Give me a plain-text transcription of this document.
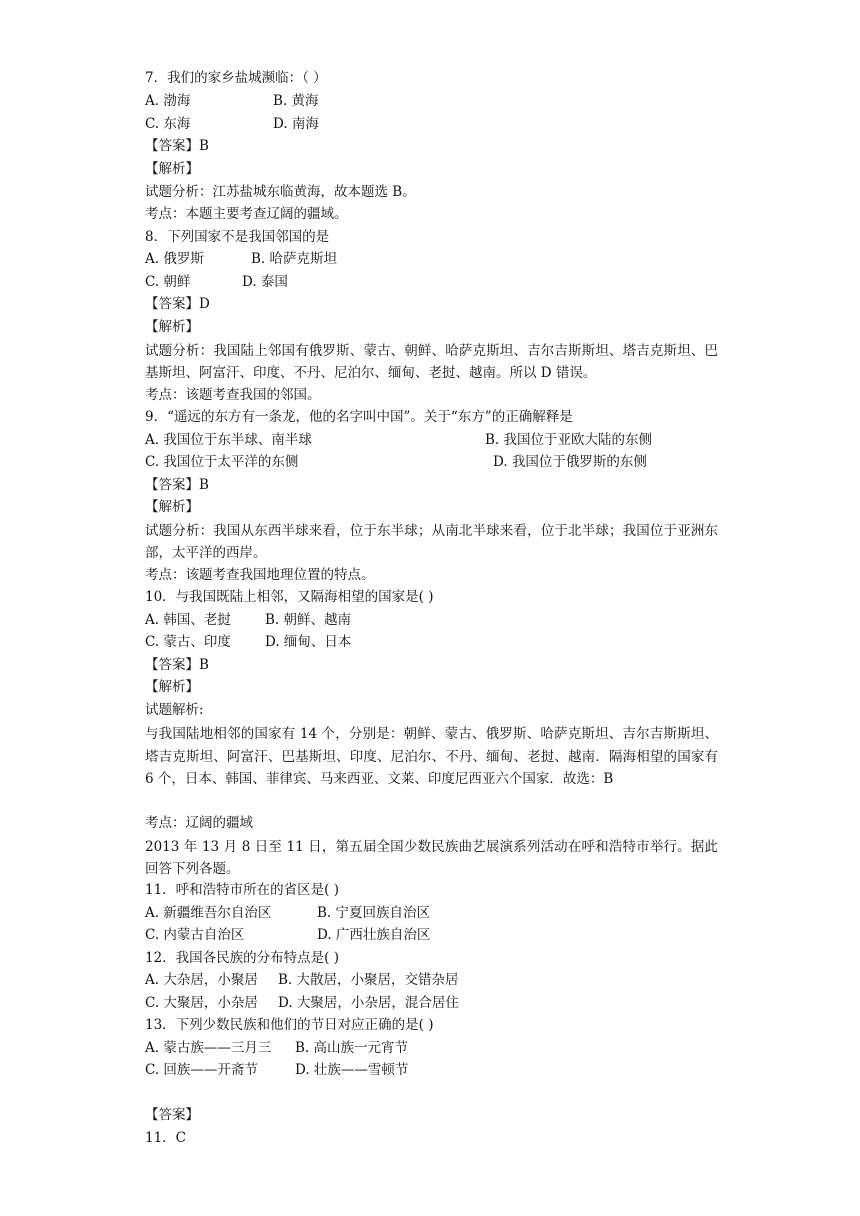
7．我们的家乡盐城濒临：（ ）
A. 渤海	B. 黄海
C. 东海	D. 南海
【答案】B
【解析】
试题分析：江苏盐城东临黄海，故本题选 B。
考点：本题主要考查辽阔的疆域。
8．下列国家不是我国邻国的是
A. 俄罗斯	B. 哈萨克斯坦
C. 朝鲜	D. 泰国
【答案】D
【解析】
试题分析：我国陆上邻国有俄罗斯、蒙古、朝鲜、哈萨克斯坦、吉尔吉斯斯坦、塔吉克斯坦、巴基斯坦、阿富汗、印度、不丹、尼泊尔、缅甸、老挝、越南。所以 D 错误。
考点：该题考查我国的邻国。
9．“遥远的东方有一条龙，他的名字叫中国”。关于“东方”的正确解释是
A. 我国位于东半球、南半球	B. 我国位于亚欧大陆的东侧
C. 我国位于太平洋的东侧	D. 我国位于俄罗斯的东侧
【答案】B
【解析】
试题分析：我国从东西半球来看，位于东半球；从南北半球来看，位于北半球；我国位于亚洲东部，太平洋的西岸。
考点：该题考查我国地理位置的特点。
10．与我国既陆上相邻，又隔海相望的国家是( )
A. 韩国、老挝	B. 朝鲜、越南
C. 蒙古、印度	D. 缅甸、日本
【答案】B
【解析】
试题解析:
与我国陆地相邻的国家有 14 个，分别是：朝鲜、蒙古、俄罗斯、哈萨克斯坦、吉尔吉斯斯坦、塔吉克斯坦、阿富汗、巴基斯坦、印度、尼泊尔、不丹、缅甸、老挝、越南．隔海相望的国家有 6 个，日本、韩国、菲律宾、马来西亚、文莱、印度尼西亚六个国家．故选：B
考点：辽阔的疆域
2013 年 13 月 8 日至 11 日，第五届全国少数民族曲艺展演系列活动在呼和浩特市举行。据此回答下列各题。
11．呼和浩特市所在的省区是( )
A. 新疆维吾尔自治区	B. 宁夏回族自治区
C. 内蒙古自治区	D. 广西壮族自治区
12．我国各民族的分布特点是( )
A. 大杂居，小聚居 B. 大散居，小聚居，交错杂居
C. 大聚居，小杂居 D. 大聚居，小杂居，混合居住
13．下列少数民族和他们的节日对应正确的是( )
A. 蒙古族——三月三 B. 高山族一元宵节
C. 回族——开斋节	D. 壮族——雪顿节
【答案】
11．C
